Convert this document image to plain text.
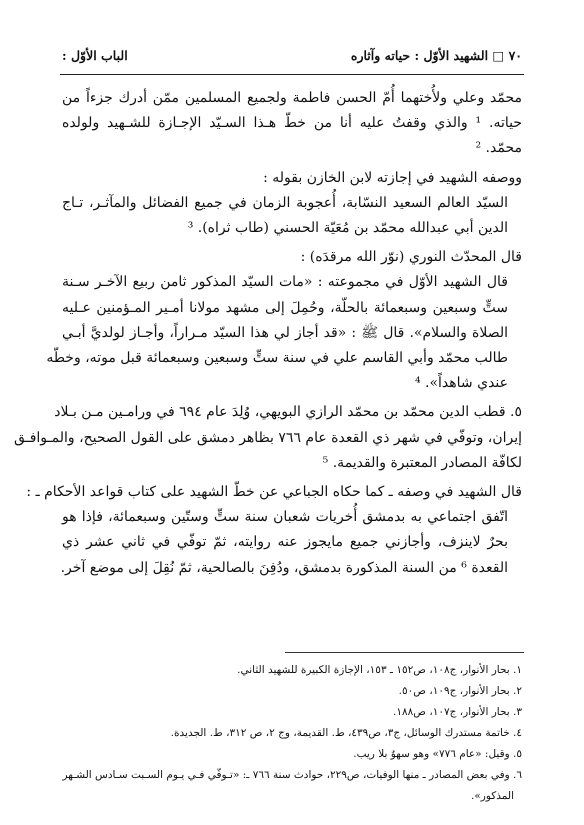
٧٠ □ الشهيد الأوّل : حياته وآثاره
الباب الأوّل :
محمّد وعلي ولأُختهما أُمّ الحسن فاطمة ولجميع المسلمين ممّن أدرك جزءاً من
حياته. ¹ والذي وقفتُ عليه أنا من خطّ هـذا السـيّد الإجـازة للشـهيد ولولده
محمّد. ²
ووصفه الشهيد في إجازته لابن الخازن بقوله :
السيّد العالم السعيد النسّابة، أُعجوبة الزمان في جميع الفضائل والمآثـر، تـاج
الدين أبي عبدالله محمّد بن مُعَيّة الحسني (طاب ثراه). ³
قال المحدّث النوري (نوّر الله مرقدَه) :
قال الشهيد الأوّل في مجموعته : «مات السيّد المذكور ثامن ربيع الآخـر سـنة
ستٍّ وسبعين وسبعمائة بالحلّة، وحُمِلَ إلى مشهد مولانا أمـير المـؤمنين عـليه
الصلاة والسلام». قال ﷺ : «قد أجاز لي هذا السيّد مـراراً، وأجـاز لولديَّ أبـي
طالب محمّد وأبي القاسم علي في سنة ستٍّ وسبعين وسبعمائة قبل موته، وخطّه
عندي شاهداً». ⁴
٥. قطب الدين محمّد بن محمّد الرازي البويهي، وُلِدَ عام ٦٩٤ في ورامـين مـن بـلاد
إيران، وتوفّي في شهر ذي القعدة عام ٧٦٦ بظاهر دمشق على القول الصحيح، والمـوافـق
لكافّة المصادر المعتبرة والقديمة. ⁵
قال الشهيد في وصفه ـ كما حكاه الجباعي عن خطّ الشهيد على كتاب قواعد الأحكام ـ :
اتّفق اجتماعي به بدمشق أُخريات شعبان سنة ستٍّ وستّين وسبعمائة، فإذا هو
بحرٌ لاينزف، وأجازني جميع مايجوز عنه روايته، ثمّ توفّي في ثاني عشر ذي
القعدة ⁶ من السنة المذكورة بدمشق، ودُفِنَ بالصالحية، ثمّ نُقِلَ إلى موضع آخر.
١. بحار الأنوار، ج١٠٨، ص١٥٢ ـ ١٥٣، الإجازة الكبيرة للشهيد الثاني.
٢. بحار الأنوار، ج١٠٩، ص٥٠.
٣. بحار الأنوار، ج١٠٧، ص١٨٨.
٤. خاتمة مستدرك الوسائل، ج٣، ص٤٣٩، ط. القديمة، وج ٢، ص ٣١٢، ط. الجديدة.
٥. وقيل: «عام ٧٧٦» وهو سهوٌ بلا ريب.
٦. وفي بعض المصادر ـ منها الوفيات، ص٢٢٩، حوادث سنة ٧٦٦ ـ: «تـوفّي فـي يـوم السـبت سـادس الشـهر
المذكور».
